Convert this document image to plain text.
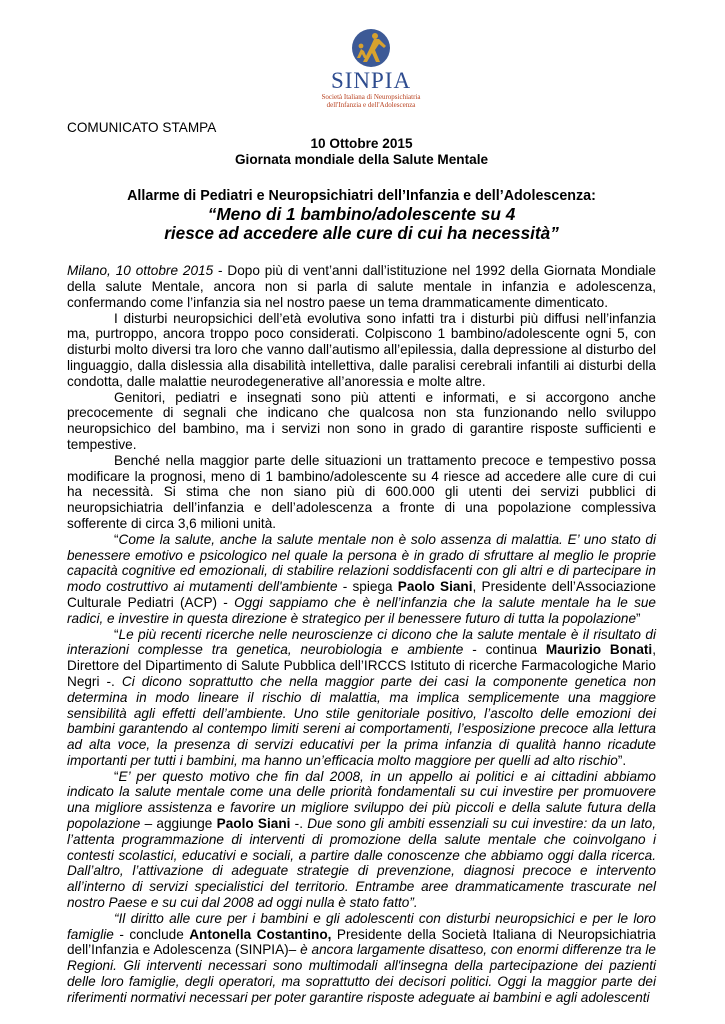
SINPIA
Società Italiana di Neuropsichiatria
dell'Infanzia e dell'Adolescenza

COMUNICATO STAMPA

10 Ottobre 2015

Giornata mondiale della Salute Mentale

Allarme di Pediatri e Neuropsichiatri dell’Infanzia e dell’Adolescenza:

“Meno di 1 bambino/adolescente su 4

riesce ad accedere alle cure di cui ha necessità”

Milano, 10 ottobre 2015 - Dopo più di vent’anni dall’istituzione nel 1992 della Giornata Mondiale della salute Mentale, ancora non si parla di salute mentale in infanzia e adolescenza, confermando come l’infanzia sia nel nostro paese un tema drammaticamente dimenticato.

I disturbi neuropsichici dell’età evolutiva sono infatti tra i disturbi più diffusi nell’infanzia ma, purtroppo, ancora troppo poco considerati. Colpiscono 1 bambino/adolescente ogni 5, con disturbi molto diversi tra loro che vanno dall’autismo all’epilessia, dalla depressione al disturbo del linguaggio, dalla dislessia alla disabilità intellettiva, dalle paralisi cerebrali infantili ai disturbi della condotta, dalle malattie neurodegenerative all’anoressia e molte altre.

Genitori, pediatri e insegnati sono più attenti e informati, e si accorgono anche precocemente di segnali che indicano che qualcosa non sta funzionando nello sviluppo neuropsichico del bambino, ma i servizi non sono in grado di garantire risposte sufficienti e tempestive.

Benché nella maggior parte delle situazioni un trattamento precoce e tempestivo possa modificare la prognosi, meno di 1 bambino/adolescente su 4 riesce ad accedere alle cure di cui ha necessità. Si stima che non siano più di 600.000 gli utenti dei servizi pubblici di neuropsichiatria dell’infanzia e dell’adolescenza a fronte di una popolazione complessiva sofferente di circa 3,6 milioni unità.

“Come la salute, anche la salute mentale non è solo assenza di malattia. E’ uno stato di benessere emotivo e psicologico nel quale la persona è in grado di sfruttare al meglio le proprie capacità cognitive ed emozionali, di stabilire relazioni soddisfacenti con gli altri e di partecipare in modo costruttivo ai mutamenti dell'ambiente - spiega Paolo Siani, Presidente dell’Associazione Culturale Pediatri (ACP) - Oggi sappiamo che è nell’infanzia che la salute mentale ha le sue radici, e investire in questa direzione è strategico per il benessere futuro di tutta la popolazione”

“Le più recenti ricerche nelle neuroscienze ci dicono che la salute mentale è il risultato di interazioni complesse tra genetica, neurobiologia e ambiente - continua Maurizio Bonati, Direttore del Dipartimento di Salute Pubblica dell’IRCCS Istituto di ricerche Farmacologiche Mario Negri -. Ci dicono soprattutto che nella maggior parte dei casi la componente genetica non determina in modo lineare il rischio di malattia, ma implica semplicemente una maggiore sensibilità agli effetti dell’ambiente. Uno stile genitoriale positivo, l’ascolto delle emozioni dei bambini garantendo al contempo limiti sereni ai comportamenti, l’esposizione precoce alla lettura ad alta voce, la presenza di servizi educativi per la prima infanzia di qualità hanno ricadute importanti per tutti i bambini, ma hanno un’efficacia molto maggiore per quelli ad alto rischio”.

“E’ per questo motivo che fin dal 2008, in un appello ai politici e ai cittadini abbiamo indicato la salute mentale come una delle priorità fondamentali su cui investire per promuovere una migliore assistenza e favorire un migliore sviluppo dei più piccoli e della salute futura della popolazione – aggiunge Paolo Siani -. Due sono gli ambiti essenziali su cui investire: da un lato, l’attenta programmazione di interventi di promozione della salute mentale che coinvolgano i contesti scolastici, educativi e sociali, a partire dalle conoscenze che abbiamo oggi dalla ricerca. Dall’altro, l’attivazione di adeguate strategie di prevenzione, diagnosi precoce e intervento all’interno di servizi specialistici del territorio. Entrambe aree drammaticamente trascurate nel nostro Paese e su cui dal 2008 ad oggi nulla è stato fatto”.

“Il diritto alle cure per i bambini e gli adolescenti con disturbi neuropsichici e per le loro famiglie - conclude Antonella Costantino, Presidente della Società Italiana di Neuropsichiatria dell’Infanzia e Adolescenza (SINPIA)– è ancora largamente disatteso, con enormi differenze tra le Regioni. Gli interventi necessari sono multimodali all'insegna della partecipazione dei pazienti delle loro famiglie, degli operatori, ma soprattutto dei decisori politici. Oggi la maggior parte dei riferimenti normativi necessari per poter garantire risposte adeguate ai bambini e agli adolescenti
